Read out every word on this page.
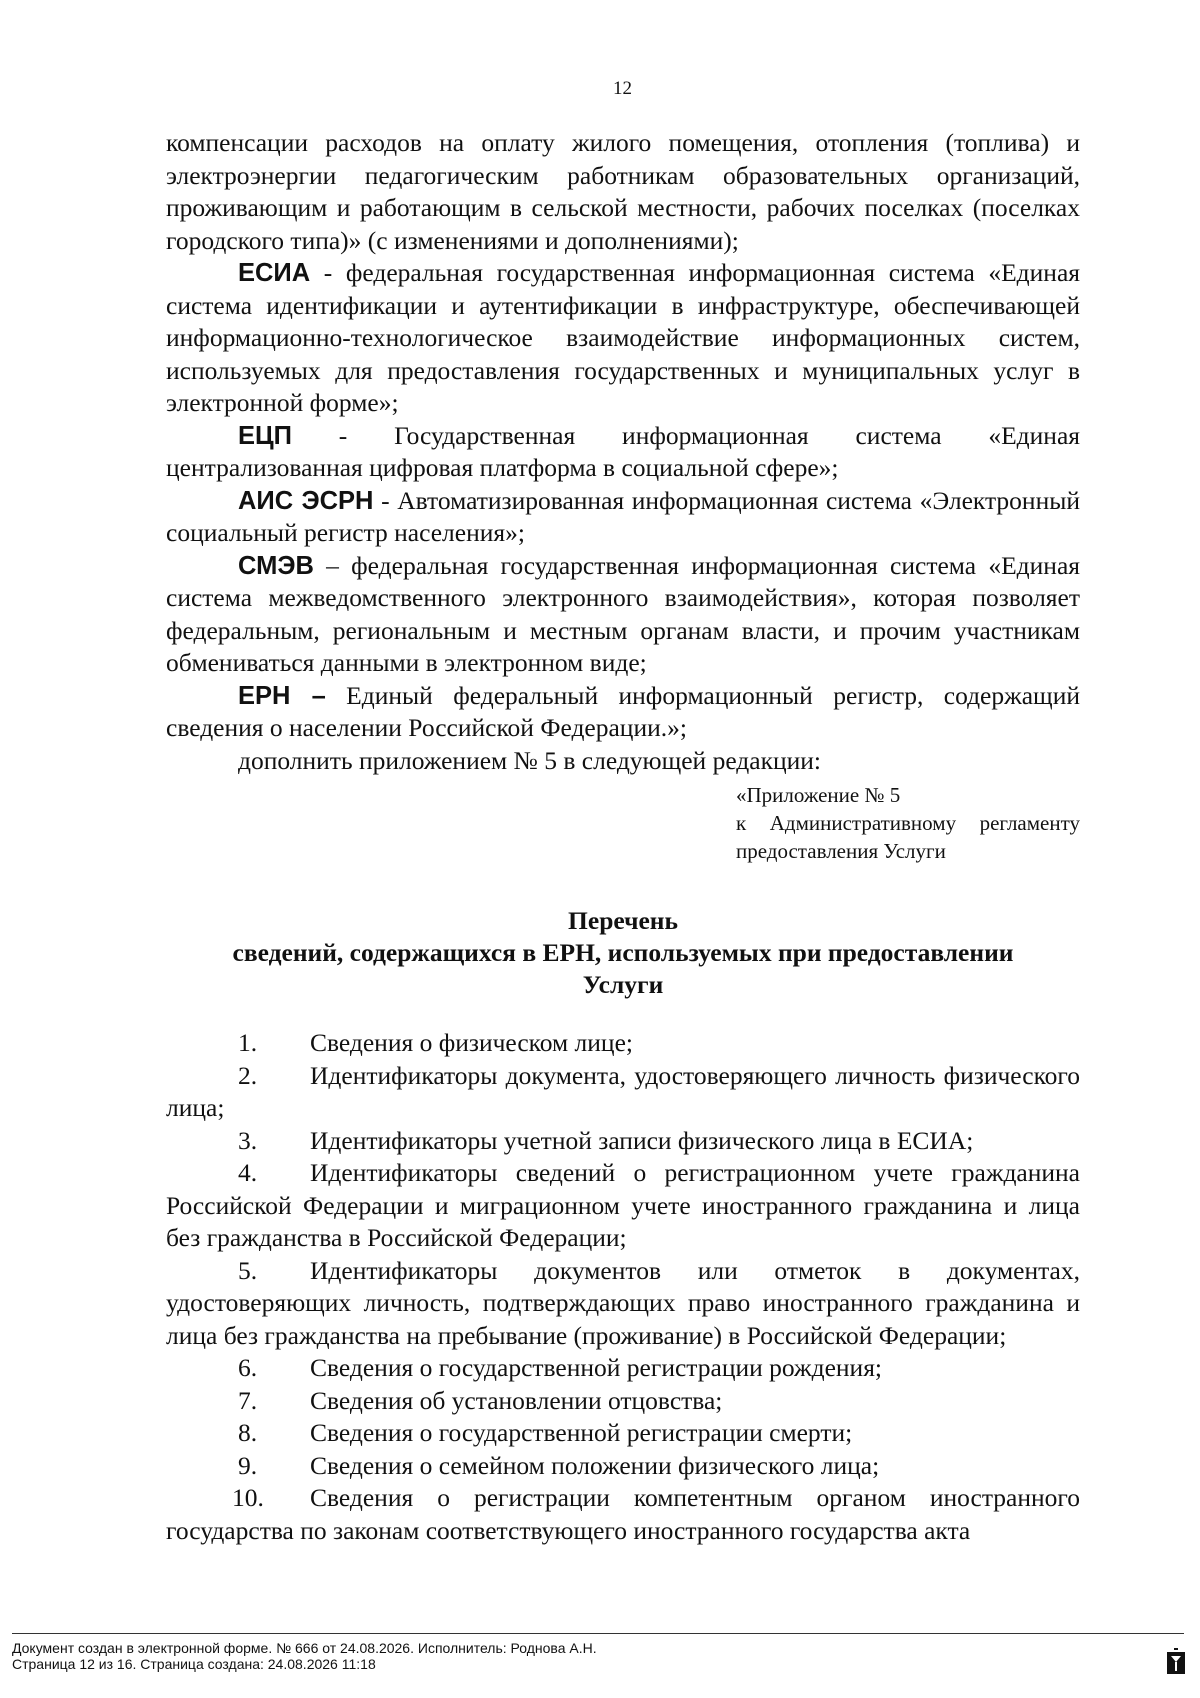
12

компенсации расходов на оплату жилого помещения, отопления (топлива) и электроэнергии педагогическим работникам образовательных организаций, проживающим и работающим в сельской местности, рабочих поселках (поселках городского типа)» (с изменениями и дополнениями);

ЕСИА - федеральная государственная информационная система «Единая система идентификации и аутентификации в инфраструктуре, обеспечивающей информационно-технологическое взаимодействие информационных систем, используемых для предоставления государственных и муниципальных услуг в электронной форме»;

ЕЦП - Государственная информационная система «Единая централизованная цифровая платформа в социальной сфере»;

АИС ЭСРН - Автоматизированная информационная система «Электронный социальный регистр населения»;

СМЭВ – федеральная государственная информационная система «Единая система межведомственного электронного взаимодействия», которая позволяет федеральным, региональным и местным органам власти, и прочим участникам обмениваться данными в электронном виде;

ЕРН – Единый федеральный информационный регистр, содержащий сведения о населении Российской Федерации.»;

дополнить приложением № 5 в следующей редакции:

«Приложение № 5
к Административному регламенту предоставления Услуги
Перечень
сведений, содержащихся в ЕРН, используемых при предоставлении
Услуги

1. Сведения о физическом лице;

2. Идентификаторы документа, удостоверяющего личность физического лица;

3. Идентификаторы учетной записи физического лица в ЕСИА;

4. Идентификаторы сведений о регистрационном учете гражданина Российской Федерации и миграционном учете иностранного гражданина и лица без гражданства в Российской Федерации;

5. Идентификаторы документов или отметок в документах, удостоверяющих личность, подтверждающих право иностранного гражданина и лица без гражданства на пребывание (проживание) в Российской Федерации;

6. Сведения о государственной регистрации рождения;

7. Сведения об установлении отцовства;

8. Сведения о государственной регистрации смерти;

9. Сведения о семейном положении физического лица;

10. Сведения о регистрации компетентным органом иностранного государства по законам соответствующего иностранного государства акта

Документ создан в электронной форме. № 666 от 24.08.2026. Исполнитель: Роднова А.Н.
Страница 12 из 16. Страница создана: 24.08.2026 11:18
